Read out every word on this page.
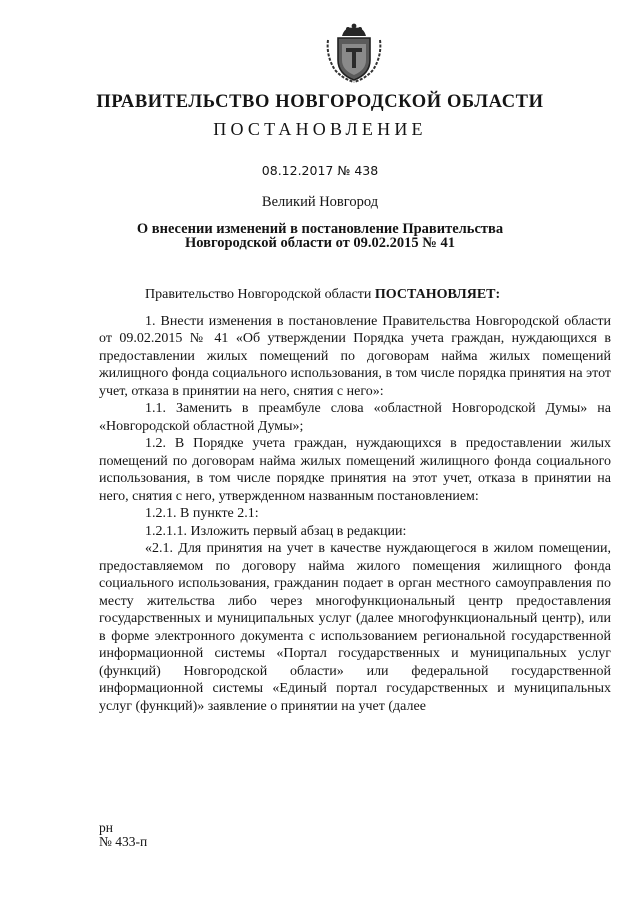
ПРАВИТЕЛЬСТВО НОВГОРОДСКОЙ ОБЛАСТИ
ПОСТАНОВЛЕНИЕ
08.12.2017 № 438
Великий Новгород
О внесении изменений в постановление Правительства
Новгородской области от 09.02.2015 № 41

Правительство Новгородской области ПОСТАНОВЛЯЕТ:

1. Внести изменения в постановление Правительства Новгородской области от 09.02.2015 № 41 «Об утверждении Порядка учета граждан, нуждающихся в предоставлении жилых помещений по договорам найма жилых помещений жилищного фонда социального использования, в том числе порядка принятия на этот учет, отказа в принятии на него, снятия с него»:

1.1. Заменить в преамбуле слова «областной Новгородской Думы» на «Новгородской областной Думы»;

1.2. В Порядке учета граждан, нуждающихся в предоставлении жилых помещений по договорам найма жилых помещений жилищного фонда социального использования, в том числе порядке принятия на этот учет, отказа в принятии на него, снятия с него, утвержденном названным постановлением:

1.2.1. В пункте 2.1:

1.2.1.1. Изложить первый абзац в редакции:

«2.1. Для принятия на учет в качестве нуждающегося в жилом помещении, предоставляемом по договору найма жилого помещения жилищного фонда социального использования, гражданин подает в орган местного самоуправления по месту жительства либо через многофункциональный центр предоставления государственных и муниципальных услуг (далее многофункциональный центр), или в форме электронного документа с использованием региональной государственной информационной системы «Портал государственных и муниципальных услуг (функций) Новгородской области» или федеральной государственной информационной системы «Единый портал государственных и муниципальных услуг (функций)» заявление о принятии на учет (далее

рн
№ 433-п
